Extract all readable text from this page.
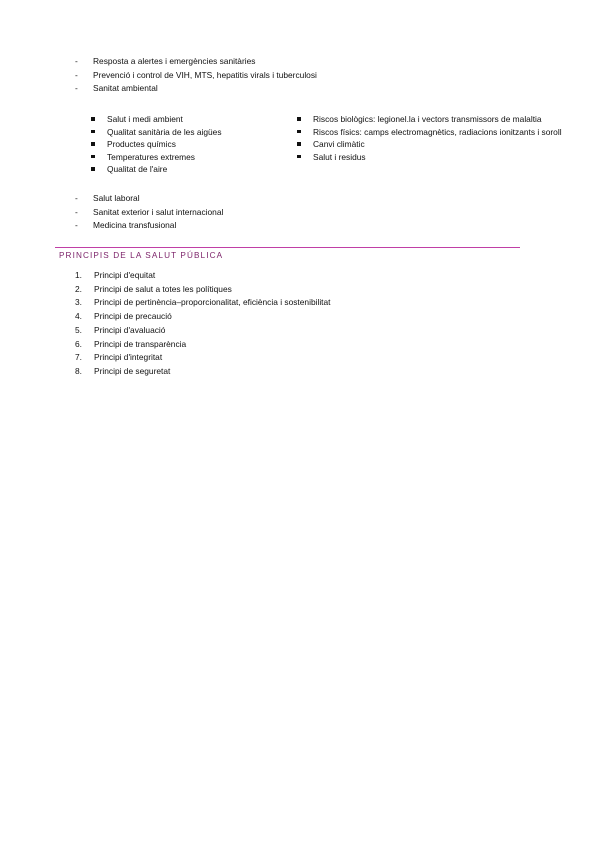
- Resposta a alertes i emergències sanitàries
- Prevenció i control de VIH, MTS, hepatitis virals i tuberculosi
- Sanitat ambiental
Salut i medi ambient
Qualitat sanitària de les aigües
Productes químics
Temperatures extremes
Qualitat de l'aire
Riscos biològics: legionel.la i vectors transmissors de malaltia
Riscos físics: camps electromagnètics, radiacions ionitzants i soroll
Canvi climàtic
Salut i residus
- Salut laboral
- Sanitat exterior i salut internacional
- Medicina transfusional
PRINCIPIS DE LA SALUT PÚBLICA
1. Principi d'equitat
2. Principi de salut a totes les polítiques
3. Principi de pertinència–proporcionalitat, eficiència i sostenibilitat
4. Principi de precaució
5. Principi d'avaluació
6. Principi de transparència
7. Principi d'integritat
8. Principi de seguretat
